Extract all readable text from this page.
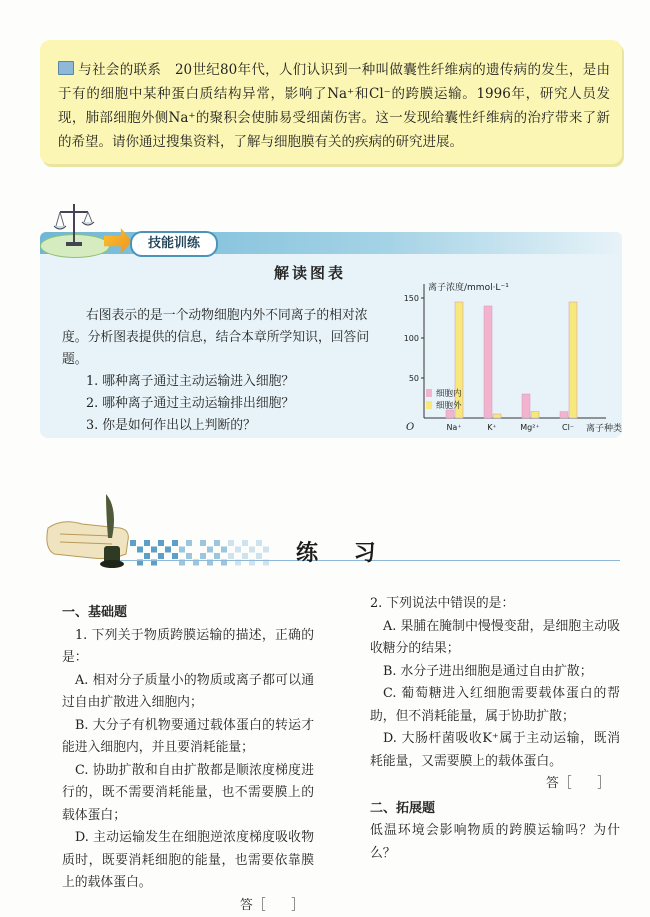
与社会的联系 20世纪80年代，人们认识到一种叫做囊性纤维病的遗传病的发生，是由于有的细胞中某种蛋白质结构异常，影响了Na⁺和Cl⁻的跨膜运输。1996年，研究人员发现，肺部细胞外侧Na⁺的聚积会使肺易受细菌伤害。这一发现给囊性纤维病的治疗带来了新的希望。请你通过搜集资料，了解与细胞膜有关的疾病的研究进展。
技能训练
解读图表

右图表示的是一个动物细胞内外不同离子的相对浓度。分析图表提供的信息，结合本章所学知识，回答问题。

1. 哪种离子通过主动运输进入细胞？

2. 哪种离子通过主动运输排出细胞？

3. 你是如何作出以上判断的？

离子浓度/mmol·L⁻¹
离子种类
O
50
100
150
Na⁺	K⁺	Mg²⁺	Cl⁻
细胞内
细胞外
练 习

一、基础题

1. 下列关于物质跨膜运输的描述，正确的是：

A. 相对分子质量小的物质或离子都可以通过自由扩散进入细胞内；

B. 大分子有机物要通过载体蛋白的转运才能进入细胞内，并且要消耗能量；

C. 协助扩散和自由扩散都是顺浓度梯度进行的，既不需要消耗能量，也不需要膜上的载体蛋白；

D. 主动运输发生在细胞逆浓度梯度吸收物质时，既要消耗细胞的能量，也需要依靠膜上的载体蛋白。

答［　　］

2. 下列说法中错误的是：

A. 果脯在腌制中慢慢变甜，是细胞主动吸收糖分的结果；

B. 水分子进出细胞是通过自由扩散；

C. 葡萄糖进入红细胞需要载体蛋白的帮助，但不消耗能量，属于协助扩散；

D. 大肠杆菌吸收K⁺属于主动运输，既消耗能量，又需要膜上的载体蛋白。

答［　　］

二、拓展题

低温环境会影响物质的跨膜运输吗？为什么？
